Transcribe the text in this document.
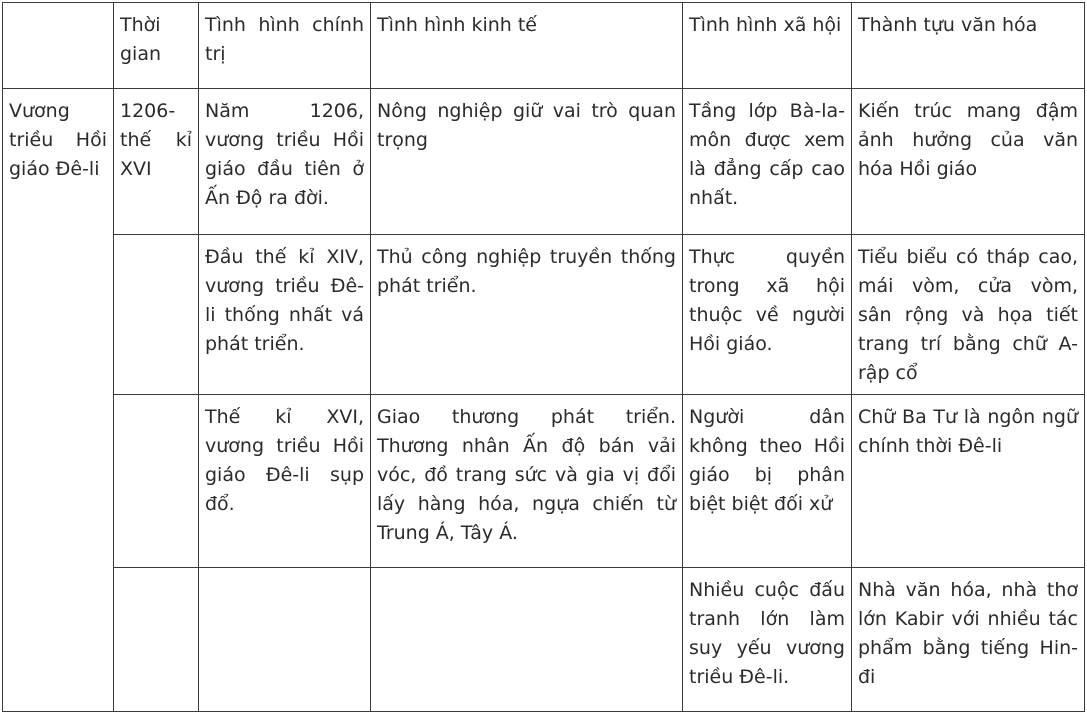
	Thời gian	Tình hình chính trị	Tình hình kinh tế	Tình hình xã hội	Thành tựu văn hóa
Vương triều Hồi giáo Đê-li	1206-thế kỉ XVI	Năm 1206, vương triều Hồi giáo đầu tiên ở Ấn Độ ra đời.	Nông nghiệp giữ vai trò quan trọng	Tầng lớp Bà-la-môn được xem là đẳng cấp cao nhất.	Kiến trúc mang đậm ảnh hưởng của văn hóa Hồi giáo
		Đầu thế kỉ XIV, vương triều Đê-li thống nhất vá phát triển.	Thủ công nghiệp truyền thống phát triển.	Thực quyền trong xã hội thuộc về người Hồi giáo.	Tiểu biểu có tháp cao, mái vòm, cửa vòm, sân rộng và họa tiết trang trí bằng chữ A-rập cổ
		Thế kỉ XVI, vương triều Hồi giáo Đê-li sụp đổ.	Giao thương phát triển. Thương nhân Ấn độ bán vải vóc, đồ trang sức và gia vị đổi lấy hàng hóa, ngựa chiến từ Trung Á, Tây Á.	Người dân không theo Hồi giáo bị phân biệt biệt đối xử	Chữ Ba Tư là ngôn ngữ chính thời Đê-li
				Nhiều cuộc đấu tranh lớn làm suy yếu vương triều Đê-li.	Nhà văn hóa, nhà thơ lớn Kabir với nhiều tác phẩm bằng tiếng Hin-đi
